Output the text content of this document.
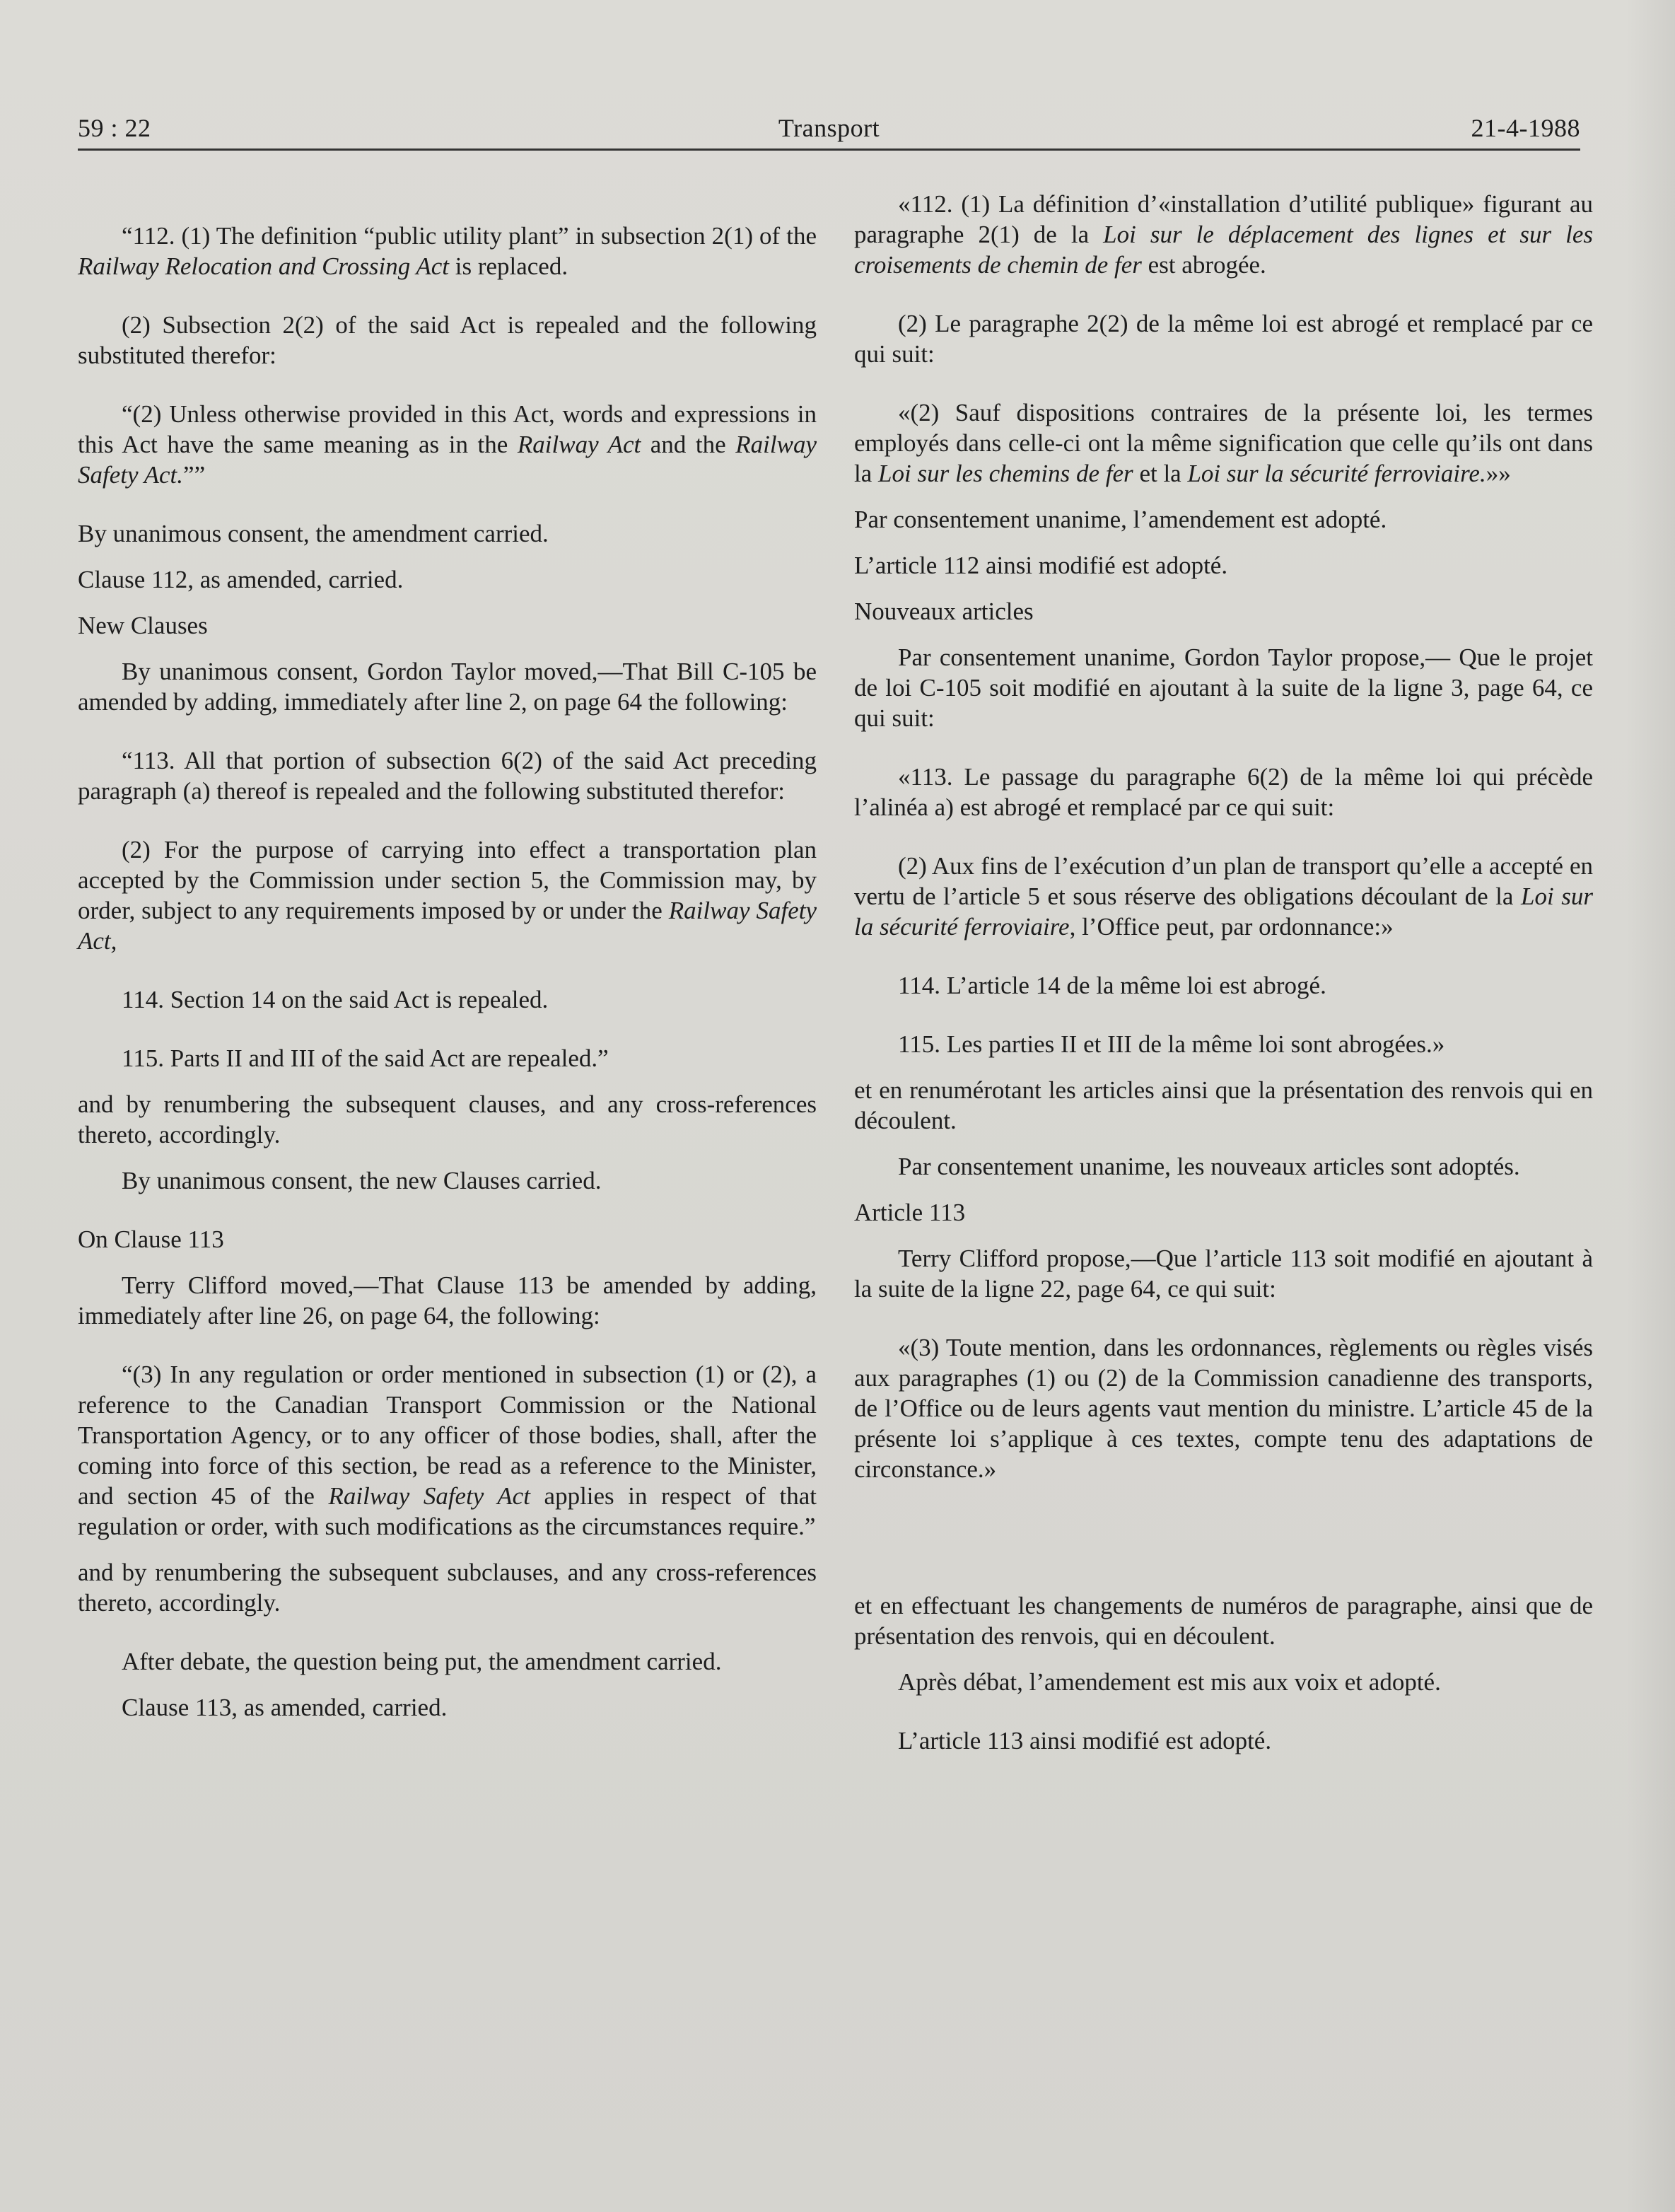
59 : 22	Transport	21-4-1988

“112. (1) The definition “public utility plant” in subsection 2(1) of the Railway Relocation and Crossing Act is replaced.

(2) Subsection 2(2) of the said Act is repealed and the following substituted therefor:

“(2) Unless otherwise provided in this Act, words and expressions in this Act have the same meaning as in the Railway Act and the Railway Safety Act.””

By unanimous consent, the amendment carried.

Clause 112, as amended, carried.

New Clauses

By unanimous consent, Gordon Taylor moved,—That Bill C-105 be amended by adding, immediately after line 2, on page 64 the following:

“113. All that portion of subsection 6(2) of the said Act preceding paragraph (a) thereof is repealed and the following substituted therefor:

(2) For the purpose of carrying into effect a transportation plan accepted by the Commission under section 5, the Commission may, by order, subject to any requirements imposed by or under the Railway Safety Act,

114. Section 14 on the said Act is repealed.

115. Parts II and III of the said Act are repealed.”

and by renumbering the subsequent clauses, and any cross-references thereto, accordingly.

By unanimous consent, the new Clauses carried.

On Clause 113

Terry Clifford moved,—That Clause 113 be amended by adding, immediately after line 26, on page 64, the following:

“(3) In any regulation or order mentioned in subsection (1) or (2), a reference to the Canadian Transport Commission or the National Transportation Agency, or to any officer of those bodies, shall, after the coming into force of this section, be read as a reference to the Minister, and section 45 of the Railway Safety Act applies in respect of that regulation or order, with such modifications as the circumstances require.”

and by renumbering the subsequent subclauses, and any cross-references thereto, accordingly.

After debate, the question being put, the amendment carried.

Clause 113, as amended, carried.

«112. (1) La définition d’«installation d’utilité publique» figurant au paragraphe 2(1) de la Loi sur le déplacement des lignes et sur les croisements de chemin de fer est abrogée.

(2) Le paragraphe 2(2) de la même loi est abrogé et remplacé par ce qui suit:

«(2) Sauf dispositions contraires de la présente loi, les termes employés dans celle-ci ont la même signification que celle qu’ils ont dans la Loi sur les chemins de fer et la Loi sur la sécurité ferroviaire.»»

Par consentement unanime, l’amendement est adopté.

L’article 112 ainsi modifié est adopté.

Nouveaux articles

Par consentement unanime, Gordon Taylor propose,— Que le projet de loi C-105 soit modifié en ajoutant à la suite de la ligne 3, page 64, ce qui suit:

«113. Le passage du paragraphe 6(2) de la même loi qui précède l’alinéa a) est abrogé et remplacé par ce qui suit:

(2) Aux fins de l’exécution d’un plan de transport qu’elle a accepté en vertu de l’article 5 et sous réserve des obligations découlant de la Loi sur la sécurité ferroviaire, l’Office peut, par ordonnance:»

114. L’article 14 de la même loi est abrogé.

115. Les parties II et III de la même loi sont abrogées.»

et en renumérotant les articles ainsi que la présentation des renvois qui en découlent.

Par consentement unanime, les nouveaux articles sont adoptés.

Article 113

Terry Clifford propose,—Que l’article 113 soit modifié en ajoutant à la suite de la ligne 22, page 64, ce qui suit:

«(3) Toute mention, dans les ordonnances, règlements ou règles visés aux paragraphes (1) ou (2) de la Commission canadienne des transports, de l’Office ou de leurs agents vaut mention du ministre. L’article 45 de la présente loi s’applique à ces textes, compte tenu des adaptations de circonstance.»

et en effectuant les changements de numéros de paragraphe, ainsi que de présentation des renvois, qui en découlent.

Après débat, l’amendement est mis aux voix et adopté.

L’article 113 ainsi modifié est adopté.
